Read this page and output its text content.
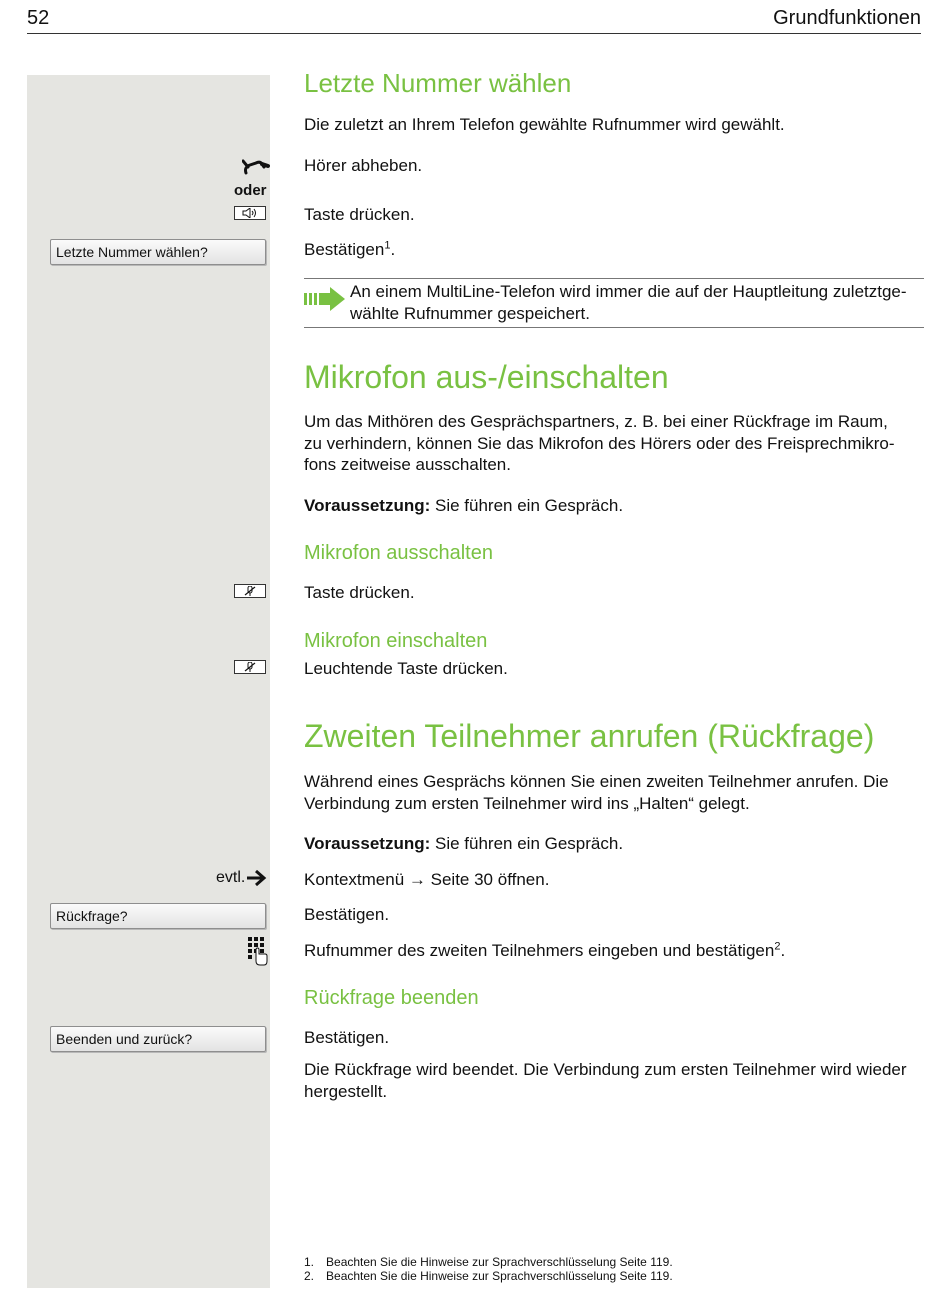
52	Grundfunktionen
Letzte Nummer wählen
Die zuletzt an Ihrem Telefon gewählte Rufnummer wird gewählt.
Hörer abheben.
oder
Taste drücken.
Letzte Nummer wählen?	Bestätigen$^1$.
An einem MultiLine-Telefon wird immer die auf der Hauptleitung zuletztge-
wählte Rufnummer gespeichert.
Mikrofon aus-/einschalten
Um das Mithören des Gesprächspartners, z. B. bei einer Rückfrage im Raum,
zu verhindern, können Sie das Mikrofon des Hörers oder des Freisprechmikro-
fons zeitweise ausschalten.
Voraussetzung: Sie führen ein Gespräch.
Mikrofon ausschalten
Taste drücken.
Mikrofon einschalten
Leuchtende Taste drücken.
Zweiten Teilnehmer anrufen (Rückfrage)
Während eines Gesprächs können Sie einen zweiten Teilnehmer anrufen. Die
Verbindung zum ersten Teilnehmer wird ins „Halten“ gelegt.
Voraussetzung: Sie führen ein Gespräch.
evtl.	Kontextmenü → Seite 30 öffnen.
Rückfrage?	Bestätigen.
Rufnummer des zweiten Teilnehmers eingeben und bestätigen$^2$.
Rückfrage beenden
Beenden und zurück?	Bestätigen.
Die Rückfrage wird beendet. Die Verbindung zum ersten Teilnehmer wird wieder
hergestellt.
1. Beachten Sie die Hinweise zur Sprachverschlüsselung Seite 119.
2. Beachten Sie die Hinweise zur Sprachverschlüsselung Seite 119.
